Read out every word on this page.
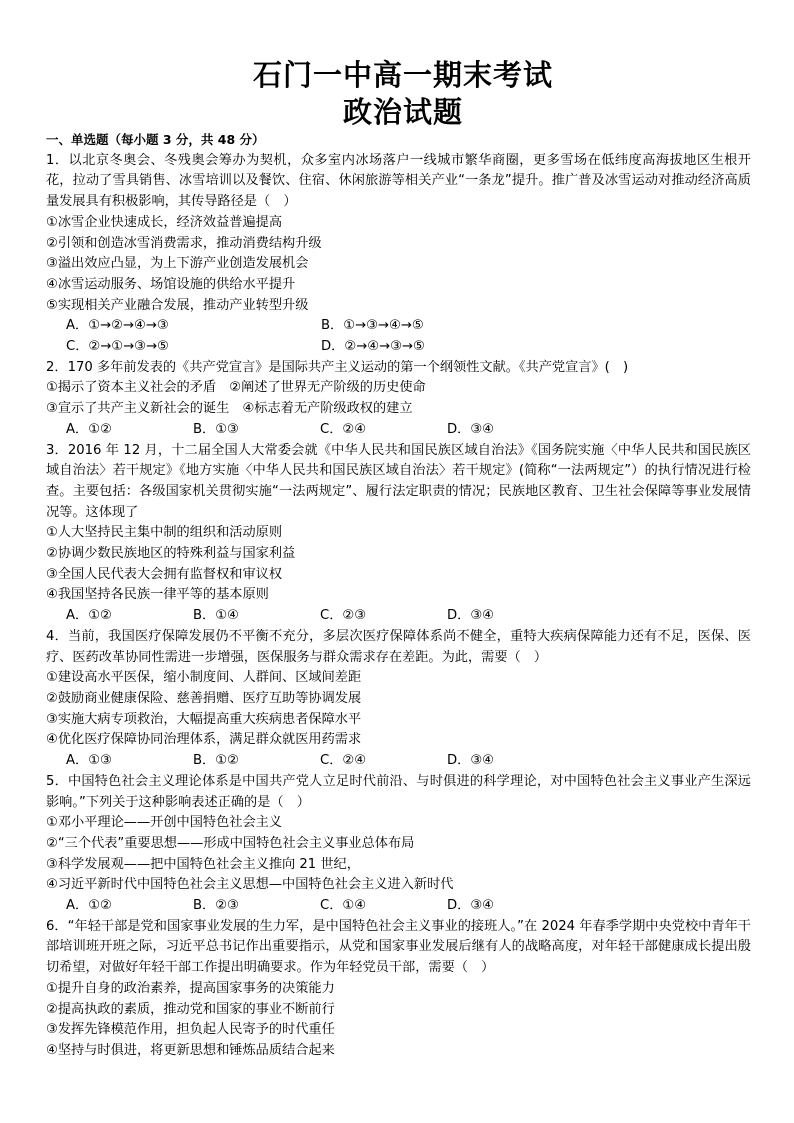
石门一中高一期末考试
政治试题
一、单选题（每小题 3 分，共 48 分）

1．以北京冬奥会、冬残奥会筹办为契机，众多室内冰场落户一线城市繁华商圈，更多雪场在低纬度高海拔地区生根开花，拉动了雪具销售、冰雪培训以及餐饮、住宿、休闲旅游等相关产业“一条龙”提升。推广普及冰雪运动对推动经济高质量发展具有积极影响，其传导路径是（　）

①冰雪企业快速成长，经济效益普遍提高

②引领和创造冰雪消费需求，推动消费结构升级

③溢出效应凸显，为上下游产业创造发展机会

④冰雪运动服务、场馆设施的供给水平提升

⑤实现相关产业融合发展，推动产业转型升级

A．①→②→④→③	B．①→③→④→⑤
C．②→①→③→⑤	D．②→④→③→⑤

2．170 多年前发表的《共产党宣言》是国际共产主义运动的第一个纲领性文献。《共产党宣言》(　)

①揭示了资本主义社会的矛盾　②阐述了世界无产阶级的历史使命

③宣示了共产主义新社会的诞生　④标志着无产阶级政权的建立

A．①②	B．①③	C．②④	D．③④

3．2016 年 12 月，十二届全国人大常委会就《中华人民共和国民族区域自治法》《国务院实施〈中华人民共和国民族区域自治法〉若干规定》《地方实施〈中华人民共和国民族区域自治法〉若干规定》(简称“一法两规定”）的执行情况进行检查。主要包括：各级国家机关贯彻实施“一法两规定”、履行法定职责的情况；民族地区教育、卫生社会保障等事业发展情况等。这体现了

①人大坚持民主集中制的组织和活动原则

②协调少数民族地区的特殊利益与国家利益

③全国人民代表大会拥有监督权和审议权

④我国坚持各民族一律平等的基本原则

A．①②	B．①④	C．②③	D．③④

4．当前，我国医疗保障发展仍不平衡不充分，多层次医疗保障体系尚不健全，重特大疾病保障能力还有不足，医保、医疗、医药改革协同性需进一步增强，医保服务与群众需求存在差距。为此，需要（　）

①建设高水平医保，缩小制度间、人群间、区域间差距

②鼓励商业健康保险、慈善捐赠、医疗互助等协调发展

③实施大病专项救治，大幅提高重大疾病患者保障水平

④优化医疗保障协同治理体系，满足群众就医用药需求

A．①③	B．①②	C．②④	D．③④

5．中国特色社会主义理论体系是中国共产党人立足时代前沿、与时俱进的科学理论，对中国特色社会主义事业产生深远影响。”下列关于这种影响表述正确的是（　）

①邓小平理论——开创中国特色社会主义

②“三个代表”重要思想——形成中国特色社会主义事业总体布局

③科学发展观——把中国特色社会主义推向 21 世纪，

④习近平新时代中国特色社会主义思想—中国特色社会主义进入新时代

A．①②	B．②③	C．①④	D．③④

6．“年轻干部是党和国家事业发展的生力军，是中国特色社会主义事业的接班人。”在 2024 年春季学期中央党校中青年干部培训班开班之际，习近平总书记作出重要指示，从党和国家事业发展后继有人的战略高度，对年轻干部健康成长提出殷切希望，对做好年轻干部工作提出明确要求。作为年轻党员干部，需要（　）

①提升自身的政治素养，提高国家事务的决策能力

②提高执政的素质，推动党和国家的事业不断前行

③发挥先锋模范作用，担负起人民寄予的时代重任

④坚持与时俱进，将更新思想和锤炼品质结合起来
